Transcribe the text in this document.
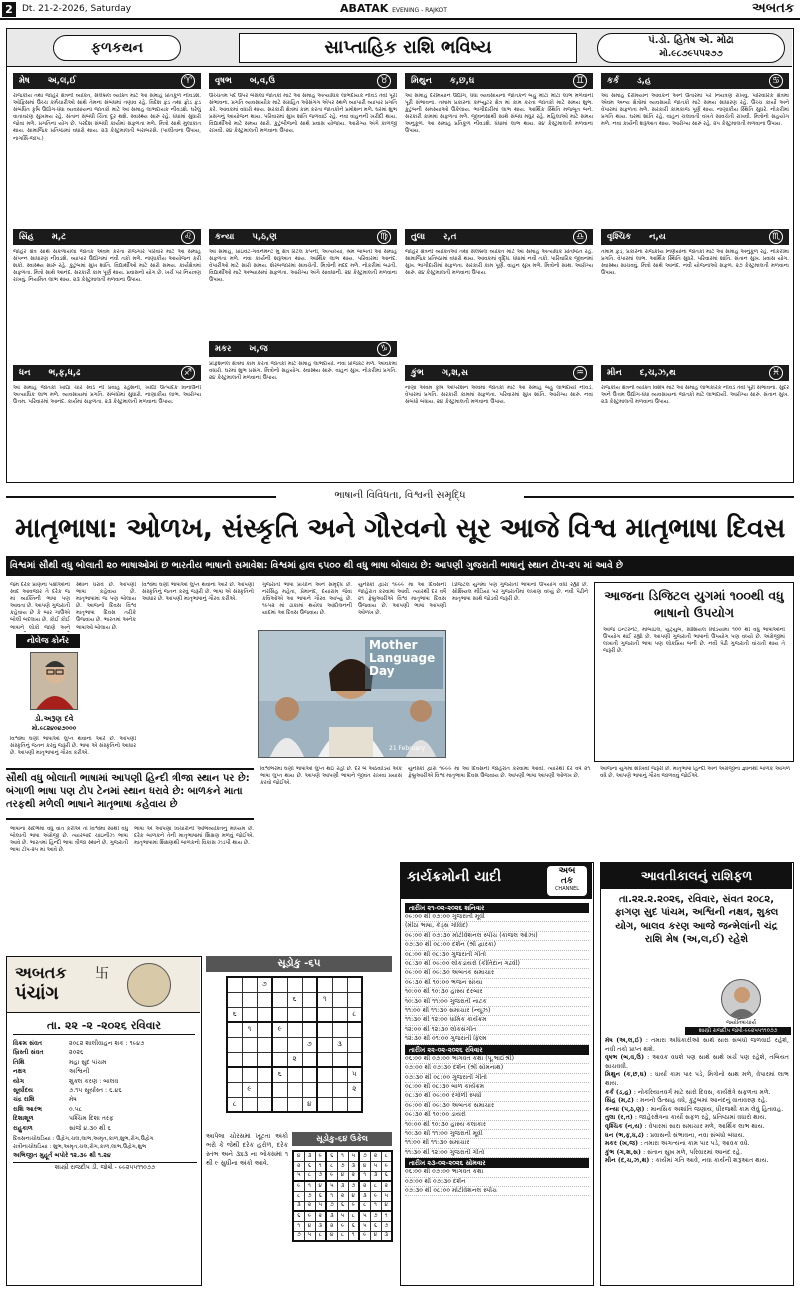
2	Dt. 21-2-2026, Saturday	ABATAK EVENING - RAJKOT	અબતક
ફળકથન	સાપ્તાહિક રાશિ ભવિષ્ય	પં.ડો. હિતેષ એ. મોઢા
મો.૯૮૭૯૫૫૨૭૭
મેષ અ,લ,ઈ	♈
રાજકીય તથા જાહેર ક્ષેત્રની વ્યક્તિ, સેલેબ્રલ વ્યક્તિ માટે આ સમાહ પ્રતિકૂળ નીવડશે. ઓફિસમાં ઉચ્ચ કર્મચારીઓ સાથે તેમના સંબંધમાં તણાવ રહે. વિદેશ ફંડ તથા ફ્રોડ ફંડ સંબંધિત કૃષિ ઉદ્યોગ-ધંધા વ્યવસાયના જાતકો માટે આ સમાહ લાભદાયક નીવડશે. ઘરેલું વાતાવરણ સુખમય રહે. સંતાન સંબંધી ચિંતા દૂર થશે. સ્વાસ્થ્ય સારું રહે. ધંધામાં સુધારો જોવા મળે. પ્રગતિના યોગ છે. પરદેશ સંબંધી કાર્યમાં સફળતા મળે. મિત્રો સાથે મુલાકાત થાય. સામાજિક પ્રતિષ્ઠામાં વધારો થાય. ૨૩ કેસ્ટુમાલતી બરાબરસે. (પાલીતાના ઉપાય, નાગર્સિ-જાપ.)
વૃષભ બ,વ,ઉ	♉
ઉચ્ચતમ પદ ઉપર બેસેલા જાતકો માટે આ સમાહ અત્યાધિક લાભદાયક નીવડે તેવી પૂરી સંભાવના. પ્રગતિ વ્યવસાયીક માટે સંગ્રહિત ઓસંગંગ એપર સ્થળે વ્યાપારી વ્યાપાર પ્રગતિ કરે. આવકમાં વધારો થાય. સરકારી ક્ષેત્રમાં કામ કરતા જાતકોને પ્રમોશન મળે. ઘરમાં શુભ પ્રસંગનું આયોજન થાય. પરિવારમાં સુખ શાંતિ જળવાઈ રહે. નવા વાહનની ખરીદી થાય. વિદ્યાર્થીઓ માટે સમય સારો. કુટુંબીજનો સાથે પ્રવાસ યોજાય. આરોગ્ય અંગે કાળજી રાખવી. ૨૪ કેસ્ટુમાલતી મળવાના ઉપાય.
મિથુન ક,છ,ઘ	♊
આ સમાહ દરમિયાન ઉદ્યોગ, ધંધા વ્યવસાયના જાતકને બહુ મોટા મોટા લાભ મળવાની પૂરી સંભાવના. તમામ પ્રકારના કમ્પ્યુટર ક્ષેત્ર માં કામ કરતા જાતકો માટે સમય શુભ. કુટુંબની સમસ્યાઓ ઉકેલાય. ભાગીદારીમાં લાભ થાય. આર્થિક સ્થિતિ મજબૂત બને. સરકારી કામમાં સફળતા મળે. જીવનસાથી સાથે સંબંધ મધુર રહે. મહિલાઓ માટે સમય અનુકૂળ. આ સમાહ પ્રતિકૂળ નીવડશે. ધંધામાં લાભ થાય. ૨૪ કેસ્ટુમાલતી મળવાના ઉપાય.
કર્ક ડ,હ	♋
આ સમાહ દરમિયાન આવકને અને ઉતારમાં પર નિયંત્રણ રાખવું. પારિવારિક ક્ષેત્રમાં એવમ અન્ય ક્ષેત્રોમાં વ્યવસાયી જાતકો માટે સમય સાધારણ રહે. ઉચ્ચ કાર્યો અને વેપારમાં સફળતા મળે. સરકારી કામકાજ પૂર્ણ થાય. નાણાકીય સ્થિતિ સુધરે. નોકરીમાં પ્રગતિ થાય. ઘરમાં શાંતિ રહે. વાહન ચલાવતી વખતે સાવચેતી રાખવી. મિત્રોનો સહયોગ મળે. નવા કાર્યની શરૂઆત થાય. આરોગ્ય સારું રહે. ૨૫ કેસ્ટુમાલતી મળવાના ઉપાય.
સિંહ મ,ટ	♌
જાહેર ક્ષેત્ર સાથે સંકળાયેલા જાતક એવમ કરતા રોજગાર પરિવાર માટે આ સમાહ સંપન્ન સાધારણ નીવડશે. વ્યાપાર ઉદ્યોગમાં નવી તકો મળે. નાણાકીય આયોજન કરી શકો. સ્વાસ્થ્ય સારું રહે. કુટુંબમાં સુખ શાંતિ. વિદ્યાર્થીઓ માટે સારો સમય. કાર્યક્ષેત્રમાં સફળતા. મિત્રો સાથે આનંદ. સરકારી કામ પૂર્ણ થાય. પ્રવાસનો યોગ છે. ખર્ચ પર નિયંત્રણ રાખવું. નિયમિત લાભ થાય. ૨૩ કેસ્ટુમાલતી મળવાના ઉપાય.
કન્યા પ,ઠ,ણ	♍
આ સમાહ, પ્રાઇવેટ-ગવર્નમેન્ટ મુ ક્ષેત્ર રિટેલ કંપની, અત્યધ્યા, શ્રમ બાબતી આ સમાહ સફળતા મળે. નવા કાર્યની શરૂઆત થાય. આર્થિક લાભ થાય. પરિવારમાં આનંદ. વેપારીઓ માટે સારો સમય. શેરબજારમાં સાવચેતી. મિત્રોની મદદ મળે. નોકરીમાં બઢતી. વિદ્યાર્થીઓ માટે અભ્યાસમાં સફળતા. આરોગ્ય અંગે સાવધાની. ૨૪ કેસ્ટુમાલતી મળવાના ઉપાય.
તુલા ર,ત	♎
જાહેર ક્ષેત્રની વ્યક્તિઓ તથા સેલેબ્રલ વ્યક્તિ માટે આ સમાહ અત્યધિક પ્રતિષ્ઠિત રહે. સામાજિક પ્રતિષ્ઠામાં વધારો થાય. આવકમાં વૃદ્ધિ. ધંધામાં નવી તકો. પારિવારિક જીવનમાં સુખ. ભાગીદારીમાં સફળતા. સરકારી કામ પૂર્ણ. વાહન સુખ મળે. મિત્રોનો સાથ. આરોગ્ય સારું. ૨૪ કેસ્ટુમાલતી મળવાના ઉપાય.
વૃશ્ચિક ન,ય	♏
તમામ ફંડ, પ્રકારના રાજકીય નિર્ણયોના જાતકો માટે આ સમાહ અનુકૂળ રહે. નોકરીમાં પ્રગતિ. વેપારમાં લાભ. આર્થિક સ્થિતિ સુધરે. પરિવારમાં શાંતિ. સંતાન સુખ. પ્રવાસ યોગ. સ્વાસ્થ્ય સાચવવું. મિત્રો સાથે આનંદ. નવી યોજનાઓ સફળ. ૨૭ કેસ્ટુમાલતી મળવાના ઉપાય.
ધન ભ,ફ,ધ,ઢ	♐
આ સમાહ જાતકો ખાદ્યા ચાર સ્વર્ડ ની પ્રવાહ રહેશની, ખાદ્યો ઉત્પાદક વિનાઉની અત્યાધિક લાભ મળે. વ્યવસાયમાં પ્રગતિ. સંબંધોમાં સુધારો. નાણાકીય લાભ. આરોગ્ય ઉત્તમ. પરિવારમાં આનંદ. કાર્યમાં સફળતા. ૨૩ કેસ્ટુમાલતી મળવાના ઉપાય.
મકર ખ,જ	♑
પ્રોફેશનલ ક્ષેત્રમાં કામ કરતા જાતકો માટે સમાહ લાભદાયી. નવા પ્રોજેક્ટ મળે. આવકમાં વધારો. ઘરમાં શુભ પ્રસંગ. મિત્રોનો સહયોગ. સ્વાસ્થ્ય સારું. વાહન સુખ. નોકરીમાં પ્રગતિ. ૨૪ કેસ્ટુમાલતી મળવાના ઉપાય.
કુંભ ગ,શ,સ	♒
નાણાં એવમ કૃષિ ઓપરેશન એવમાં જાતકો માટે આ સમાહ બહુ લાભદાયી નીવડે. વેપારમાં પ્રગતિ. સરકારી કામમાં સફળતા. પરિવારમાં સુખ શાંતિ. આરોગ્ય સારું. નવા સંબંધો બંધાય. ૨૪ કેસ્ટુમાલતી મળવાના ઉપાય.
મીન દ,ચ,ઝ,થ	♓
રાજકીય ક્ષેત્રની વ્યક્તિ વિશેષ માટે આ સમાહ લાભકારક નીવડે તેવી પૂરી સંભાવના. સુંદર અને ઉત્તમ ઉદ્યોગ-ધંધા વ્યવસાયના જાતકો માટે લાભદાયી. આરોગ્ય સારું. સંતાન સુખ. ૨૩ કેસ્ટુમાલતી મળવાના ઉપાય.
ભાષાની વિવિધતા, વિશ્વની સમૃદ્ધિ
માતૃભાષા: ઓળખ, સંસ્કૃતિ અને ગૌરવનો સૂર આજે વિશ્વ માતૃભાષા દિવસ
વિશ્વમાં સૌથી વધુ બોલાતી ૨૦ ભાષાઓમાં છ ભારતીય ભાષાનો સમાવેશ: વિશ્વમાં હાલ ૬૫૦૦ થી વધુ ભાષા બોલાય છે: આપણી ગુજરાતી ભાષાનું સ્થાન ટોપ-૨૫ માં આવે છે
જેમ દરેક પ્રાણના પક્ષીઓનો સ્વદ આવજાર તે દરેક જ માં વ્યક્તિની ભાષા પણ આવતા છે. આપણે ગુજરાતી કહેવાય છે કે બાર ગાઉએ બોલી બદલાય છે. કોઈ કોઈ ભાષાને લોકો જાણે અને
સ્થાન ધરાવે છે. આપણી ભાષા કહેવાય છે. માતૃભાષામાં જ પણ બોલાય છે. આજનો દિવસ વિશ્વ માતૃભાષા દિવસ તરીકે ઉજવાય છે. ભારતમાં અનેક ભાષાઓ બોલાય છે.
નોલેજ કોર્નર
ડો.અરૂણ દવે
મો.૯૮૨૪૦૪૭૦૦૦
વિશ્વમાં ઘણી ભાષાઓ લુપ્ત થવાના આરે છે. આપણી સંસ્કૃતિનું જતન કરવું જરૂરી છે. ભાષા એ સંસ્કૃતિનો આધાર છે. આપણી માતૃભાષાનું ગૌરવ કરીએ.
વિશ્વમાં ઘણી ભાષાઓ લુપ્ત થવાના આરે છે. આપણી સંસ્કૃતિનું જતન કરવું જરૂરી છે. ભાષા એ સંસ્કૃતિનો આધાર છે. આપણી માતૃભાષાનું ગૌરવ કરીએ.
Mother
Language
Day
21 February
ગુજરાતી ભાષા પ્રાચીન અને સમૃદ્ધ છે. નરસિંહ મહેતા, પ્રેમાનંદ, દયારામ જેવા કવિઓએ આ ભાષાને ગૌરવ આપ્યું છે. ૧૯૫૨ માં ઢાકામાં થયેલા આંદોલનની યાદમાં આ દિવસ ઉજવાય છે.
યુનેસ્કો દ્વારા ૧૯૯૯ માં આ દિવસની જાહેરાત કરવામાં આવી. ત્યારથી દર વર્ષે ૨૧ ફેબ્રુઆરીએ વિશ્વ માતૃભાષા દિવસ ઉજવાય છે. આપણી ભાષા આપણી ઓળખ છે.
ડિજિટલ યુગમાં પણ ગુજરાતી ભાષાનો ઉપયોગ વધી રહ્યો છે. સોશિયલ મીડિયા પર ગુજરાતીમાં લખાણ વધ્યું છે. નવી પેઢીને માતૃભાષા સાથે જોડવી જરૂરી છે.	આજના ડિજિટલ યુગમાં ૧૦૦થી વધુ ભાષાનો ઉપયોગ
આજે ઇન્ટરનેટ, મોબાઇલ, યુટ્યુબ, સોશિયલ મિડિયામાં ૧૦૦ થી વધુ ભાષાઓનો ઉપયોગ થઈ રહ્યો છે. આપણી ગુજરાતી ભાષાનો ઉપયોગ પણ વધ્યો છે. અંગ્રેજીમાં લખાતી ગુજરાતી ભાષા પણ લોકપ્રિય બની છે. નવી પેઢી ગુજરાતી વાંચતી થાય તે જરૂરી છે.
આજના યુગમાં શીખવી જરૂરી છે. માતૃભાષા હિન્દી અને અંગ્રેજીના જ્ઞાનથી બાળક આગળ વધે છે. આપણે ભાષાનું ગૌરવ જાળવવું જોઈએ.
સૌથી વધુ બોલાતી ભાષામાં આપણી હિન્દી ત્રીજા સ્થાન પર છે: બંગાળી ભાષા પણ ટોપ ટેનમાં સ્થાન ધરાવે છે: બાળકને માતા તરફથી મળેલી ભાષાને માતૃભાષા કહેવાય છે
ભાષાના સંદર્ભમાં વધુ વાત કરીએ તો વિશ્વમાં સૌથી વધુ બોલાતી ભાષા અંગ્રેજી છે. ત્યારબાદ ચાઇનીઝ ભાષા આવે છે. ભારતમાં હિન્દી ભાષા ત્રીજા સ્થાને છે. ગુજરાતી ભાષા ટોપ-૨૫ માં આવે છે.
ભાષા એ આપણા વિચારોની અભિવ્યક્તિનું માધ્યમ છે. દરેક બાળકને તેની માતૃભાષામાં શિક્ષણ મળવું જોઈએ. માતૃભાષામાં શિક્ષણથી બાળકનો વિકાસ ઝડપી થાય છે.
વિશ્વભરમાં ઘણી ભાષાઓ લુપ્ત થઈ રહી છે. દર બે અઠવાડિયે એક ભાષા લુપ્ત થાય છે. આપણે આપણી ભાષાને જીવંત રાખવા પ્રયાસ કરવો જોઈએ.
યુનેસ્કો દ્વારા ૧૯૯૯ માં આ દિવસની જાહેરાત કરવામાં આવી. ત્યારથી દર વર્ષે ૨૧ ફેબ્રુઆરીએ વિશ્વ માતૃભાષા દિવસ ઉજવાય છે. આપણી ભાષા આપણી ઓળખ છે.
અબતક
પંચાંગ
卐
તા. ૨૨ -૨ -૨૦૨૬ રવિવાર
વિક્રમ સંવત	૨૦૮૨ શાલીવાહન શક : ૧૯૪૭
ખ્રિસ્તી સંવત	૨૦૨૬
તિથિ	મહા સુદ પાંચમ
નક્ષત્ર	અશ્વિની
યોગ	શુક્લ કરણ : બાલવ
સૂર્યોદય	૭.૧૫ સૂર્યાસ્ત : ૬.૪૬
ચંદ્ર રાશિ	મેષ
રાશિ આરંભ	૦.૫૮
દિશાશૂળ	પશ્ચિમ દિશા તરફ
રાહુકાળ	સાંજે ૪.૩૦ થી ૬
દિવસનાચોઘડિયા : ઉદ્વેગ,ચલ,લાભ,અમૃત,કાળ,શુભ,રોગ,ઉદ્વેગ
રાત્રીનાચોઘડિયા : શુભ,અમૃત,ચલ,રોગ,કાળ,લાભ,ઉદ્વેગ,શુભ
અભિજીત મુહૂર્ત બપોરે ૧૨.૩૯ થી ૧.૨૪
શાસ્ત્રી રાજદીપ ડી. જોષી - ૯૯૨૫૫૧૧૦૭૭
સૂડોકુ -૬૫
		૭						
				૬		૧		
૬								૮
	૧		૯					
					૭		૩	
				૨				
			૬					૫
	૯							૨
૮					૪			
સૂડોકુ-૬૪ ઉકેલ
આપેલા ચોરસમાં ખૂટતા અંકો ભરો કે જેથી દરેક હરોળ, દરેક સ્તંભ અને ૩x૩ ના બોક્સમાં ૧ થી ૯ સુધીના અંકો આવે.
૪	૩	૯	૬	૧	૫	૭	૨	૮
૨	૬	૧	૮	૭	૩	૪	૫	૯
૫	૮	૭	૯	૪	૨	૧	૩	૬
૯	૧	૪	૫	૩	૭	૨	૮	૨
૮	૭	૬	૧	૨	૪	૩	૯	૫
૩	૨	૫	૭	૬	૯	૮	૧	૪
૬	૯	૨	૩	૫	૮	૫	૭	૧
૧	૪	૩	૨	૯	૬	૫	૬	૭
૭	૫	૮	૪	૮	૧	૯	૪	૩
કાર્યક્રમોની યાદી	અબ
તક
CHANNEL
તારીખ ૨૧-૦૨-૨૦૨૬ શનિવાર
૦૯:૦૦ થી ૦૭:૦૦ ગુજરાતી મૂવી
(મીઠા ભાષા, કેડ્સ ગોવિંદ)
૦૯:૦૦ થી ૦૭:૩૦ મોટીવેશનલ સ્પીચ (કાજલ ઓઝા)
૦૭:૩૦ થી ૦૮:૦૦ દર્શન (શ્રી દ્વારકા)
૦૮:૦૦ થી ૦૮:૩૦ ગુજરાતી ગીતો
૦૮:૩૦ થી ૦૯:૦૦ લોકડાયરો (કીર્તિદાન ગઢવી)
૦૯:૦૦ થી ૦૯:૩૦ અબતક સમાચાર
૦૯:૩૦ થી ૧૦:૦૦ ભજન સંધ્યા
૧૦:૦૦ થી ૧૦:૩૦ હાસ્ય દરબાર
૧૦:૩૦ થી ૧૧:૦૦ ગુજરાતી નાટક
૧૧:૦૦ થી ૧૧:૩૦ સમાચાર (ન્યૂઝ)
૧૧:૩૦ થી ૧૨:૦૦ ધાર્મિક કાર્યક્રમ
૧૨:૦૦ થી ૧૨:૩૦ લોકસંગીત
૧૨:૩૦ થી ૦૧:૦૦ ગુજરાતી ફિલ્મ
તારીખ ૨૨-૦૨-૨૦૨૬ રવિવાર
૦૬:૦૦ થી ૦૭:૦૦ ભાગવત કથા (પૂ.ભાઈશ્રી)
૦૭:૦૦ થી ૦૭:૩૦ દર્શન (શ્રી સોમનાથ)
૦૭:૩૦ થી ૦૮:૦૦ ગુજરાતી ગીતો
૦૮:૦૦ થી ૦૮:૩૦ બાળ કાર્યક્રમ
૦૮:૩૦ થી ૦૯:૦૦ રંગોળી સ્પર્ધા
૦૯:૦૦ થી ૦૯:૩૦ અબતક સમાચાર
૦૯:૩૦ થી ૧૦:૦૦ ડાયરો
૧૦:૦૦ થી ૧૦:૩૦ હાસ્ય કલાકાર
૧૦:૩૦ થી ૧૧:૦૦ ગુજરાતી મૂવી
૧૧:૦૦ થી ૧૧:૩૦ સમાચાર
૧૧:૩૦ થી ૧૨:૦૦ ગુજરાતી ગીતો
તારીખ ૨૩-૦૨-૨૦૨૬ સોમવાર
૦૬:૦૦ થી ૦૭:૦૦ ભાગવત કથા
૦૭:૦૦ થી ૦૭:૩૦ દર્શન
૦૭:૩૦ થી ૦૮:૦૦ મોટીવેશનલ સ્પીચ
આવતીકાલનું રાશિફળ
તા.૨૨.૨.૨૦૨૬, રવિવાર, સંવત ૨૦૮૨, ફાગણ સુદ પાંચમ, અશ્વિની નક્ષત્ર, શુક્લ યોગ, બાલવ કરણ આજે જન્મેલાંની ચંદ્ર રાશિ મેષ (અ,લ,ઈ) રહેશે
જ્યોતિષાચાર્ય
શાસ્ત્રી રાજદીપ જોષી-૯૯૨૫૫૧૧૦૭૭
મેષ (અ,લ,ઈ) : તમારા અધિકારીઓ સાથે સારા સંબંધો જળવાઈ રહેશે, નવી તકો પ્રાપ્ત થશે.
વૃષભ (બ,વ,ઉ) : આવક વધશે પણ સાથે સાથે ખર્ચ પણ રહેશે, તબિયત સાચવવી.
મિથુન (ક,છ,ઘ) : ધાર્યા કામ પાર પડે, મિત્રોનો સાથ મળે, વેપારમાં લાભ થાય.
કર્ક (ડ,હ) : નોકરિયાતવર્ગ માટે સારો દિવસ, કાર્યક્ષેત્રે સફળતા મળે.
સિંહ (મ,ટ) : મનનો ઉત્સાહ વધે, કુટુંબમાં આનંદનું વાતાવરણ રહે.
કન્યા (પ,ઠ,ણ) : માનસિક અશાંતિ જણાય, ધીરજથી કામ લેવું હિતાવહ.
તુલા (ર,ત) : જાહેરક્ષેત્રના કાર્યો સફળ રહે, પ્રતિષ્ઠામાં વધારો થાય.
વૃશ્ચિક (ન,ય) : વેપારમાં સારા સમાચાર મળે, આર્થિક લાભ થાય.
ધન (ભ,ફ,ધ,ઢ) : પ્રવાસની સંભાવના, નવા સંબંધો બંધાય.
મકર (ખ,જ) : તમારા અગત્યના કામ પાર પડે, આવક વધે.
કુંભ (ગ,શ,સ) : સંતાન સુખ મળે, પરિવારમાં આનંદ રહે.
મીન (દ,ચ,ઝ,થ) : કાર્યમાં ગતિ આવે, નવા કાર્યની શરૂઆત થાય.
